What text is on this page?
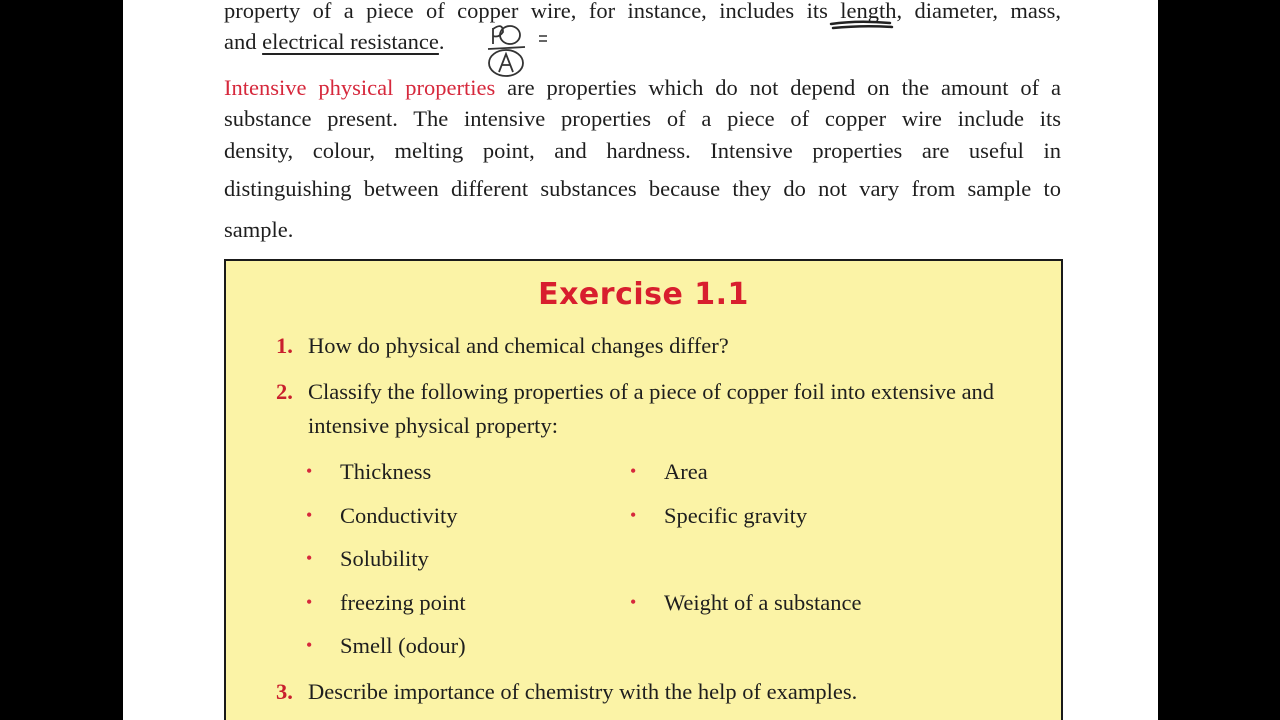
property of a piece of copper wire, for instance, includes its length, diameter, mass,
and electrical resistance.
Intensive physical properties are properties which do not depend on the amount of a
substance present. The intensive properties of a piece of copper wire include its
density, colour, melting point, and hardness. Intensive properties are useful in
distinguishing between different substances because they do not vary from sample to
sample.
Exercise 1.1
1. How do physical and chemical changes differ?
2. Classify the following properties of a piece of copper foil into extensive and
intensive physical property:
• Thickness
• Conductivity
• Solubility
• freezing point
• Smell (odour)
• Area
• Specific gravity
• Weight of a substance
3. Describe importance of chemistry with the help of examples.
